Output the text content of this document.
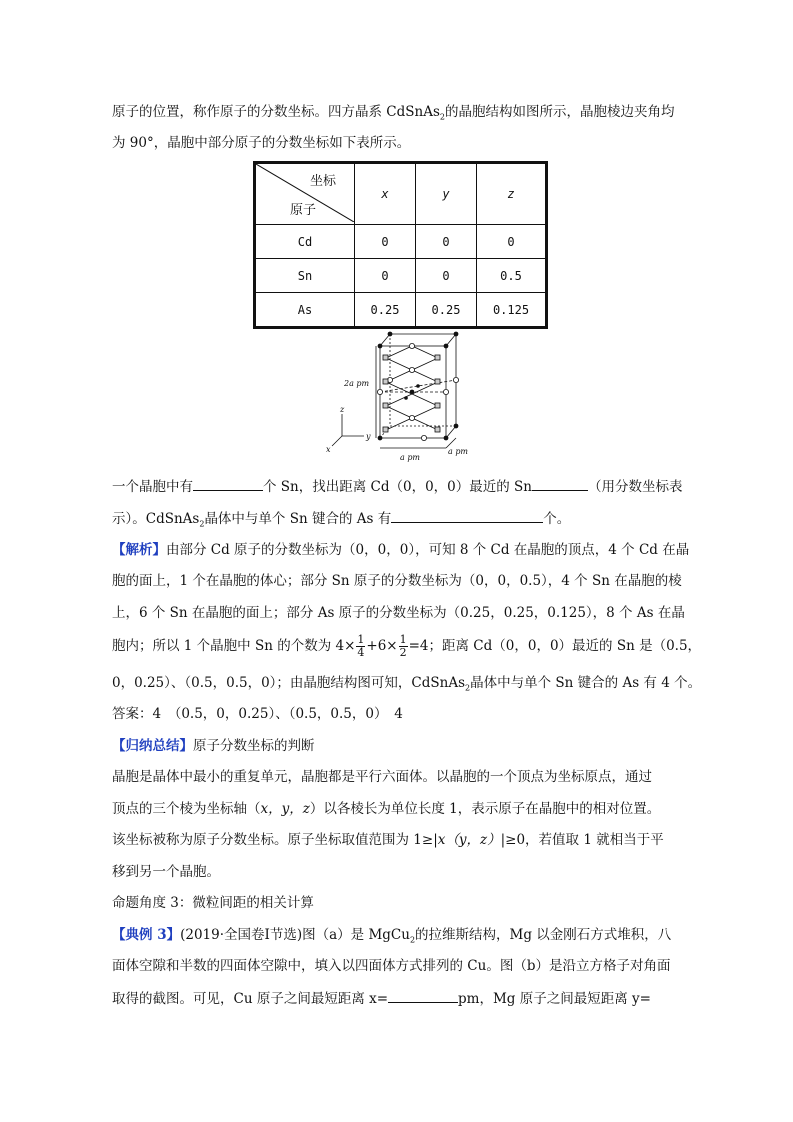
原子的位置，称作原子的分数坐标。四方晶系 CdSnAs$_2$的晶胞结构如图所示，晶胞棱边夹角均
为 90°，晶胞中部分原子的分数坐标如下表所示。
坐标
原子	x	y	z
Cd	0	0	0
Sn	0	0	0.5
As	0.25	0.25	0.125
2a pm
a pm
a pm
z
y
x
一个晶胞中有	个 Sn，找出距离 Cd（0，0，0）最近的 Sn	（用分数坐标表
示）。CdSnAs$_2$晶体中与单个 Sn 键合的 As 有	个。
【解析】由部分 Cd 原子的分数坐标为（0，0，0），可知 8 个 Cd 在晶胞的顶点，4 个 Cd 在晶
胞的面上，1 个在晶胞的体心；部分 Sn 原子的分数坐标为（0，0，0.5），4 个 Sn 在晶胞的棱
上，6 个 Sn 在晶胞的面上；部分 As 原子的分数坐标为（0.25，0.25，0.125），8 个 As 在晶
胞内；所以 1 个晶胞中 Sn 的个数为 $4\times \frac{1}{4} +6\times \frac{1}{2} =4$；距离 Cd（0，0，0）最近的 Sn 是（0.5，
0，0.25）、（0.5，0.5，0）；由晶胞结构图可知，CdSnAs$_2$晶体中与单个 Sn 键合的 As 有 4 个。
答案：4　（0.5，0，0.25）、（0.5，0.5，0）　4
【归纳总结】原子分数坐标的判断
晶胞是晶体中最小的重复单元，晶胞都是平行六面体。以晶胞的一个顶点为坐标原点，通过
顶点的三个棱为坐标轴（x，y，z）以各棱长为单位长度 1，表示原子在晶胞中的相对位置。
该坐标被称为原子分数坐标。原子坐标取值范围为 1≥|x（y，z）|≥0，若值取 1 就相当于平
移到另一个晶胞。
命题角度 3：微粒间距的相关计算
【典例 3】(2019·全国卷Ⅰ节选)图（a）是 MgCu$_2$的拉维斯结构，Mg 以金刚石方式堆积，八
面体空隙和半数的四面体空隙中，填入以四面体方式排列的 Cu。图（b）是沿立方格子对角面
取得的截图。可见，Cu 原子之间最短距离 x=	pm，Mg 原子之间最短距离 y=
